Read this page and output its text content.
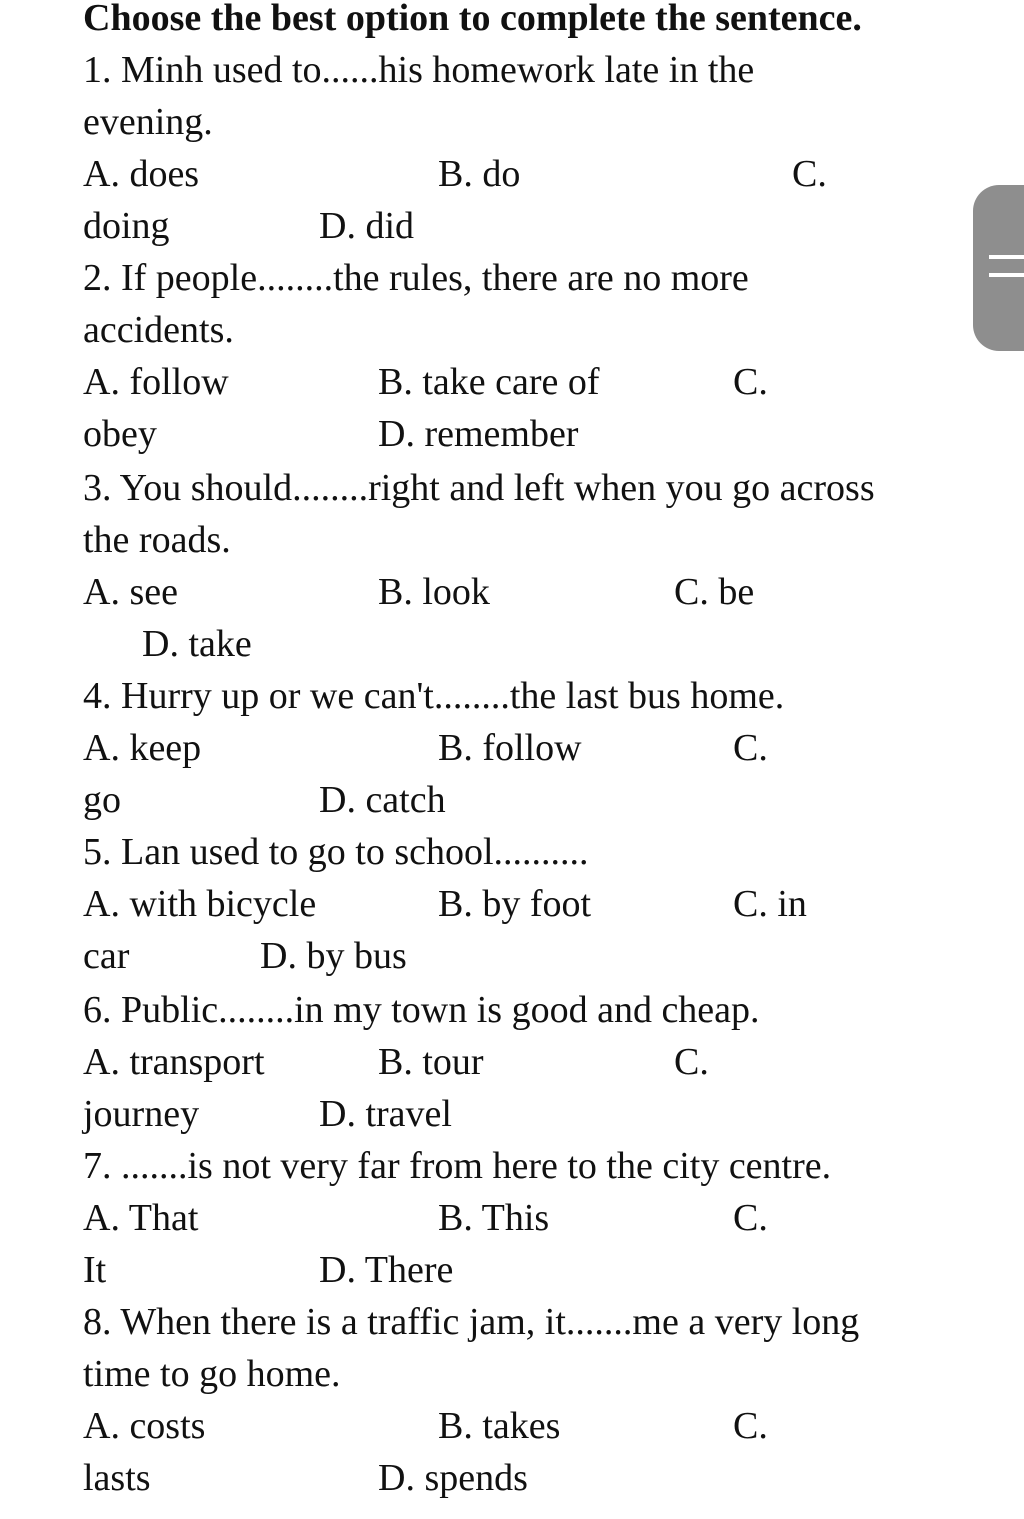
Choose the best option to complete the sentence.

1. Minh used to......his homework late in the

evening.

A. does	B. do	C.
doing	D. did

2. If people........the rules, there are no more

accidents.

A. follow	B. take care of	C.
obey	D. remember

3. You should........right and left when you go across

the roads.

A. see	B. look	C. be
D. take

4. Hurry up or we can't........the last bus home.

A. keep	B. follow	C.
go	D. catch

5. Lan used to go to school..........

A. with bicycle	B. by foot	C. in
car	D. by bus

6. Public........in my town is good and cheap.

A. transport	B. tour	C.
journey	D. travel

7. .......is not very far from here to the city centre.

A. That	B. This	C.
It	D. There

8. When there is a traffic jam, it.......me a very long

time to go home.

A. costs	B. takes	C.
lasts	D. spends
